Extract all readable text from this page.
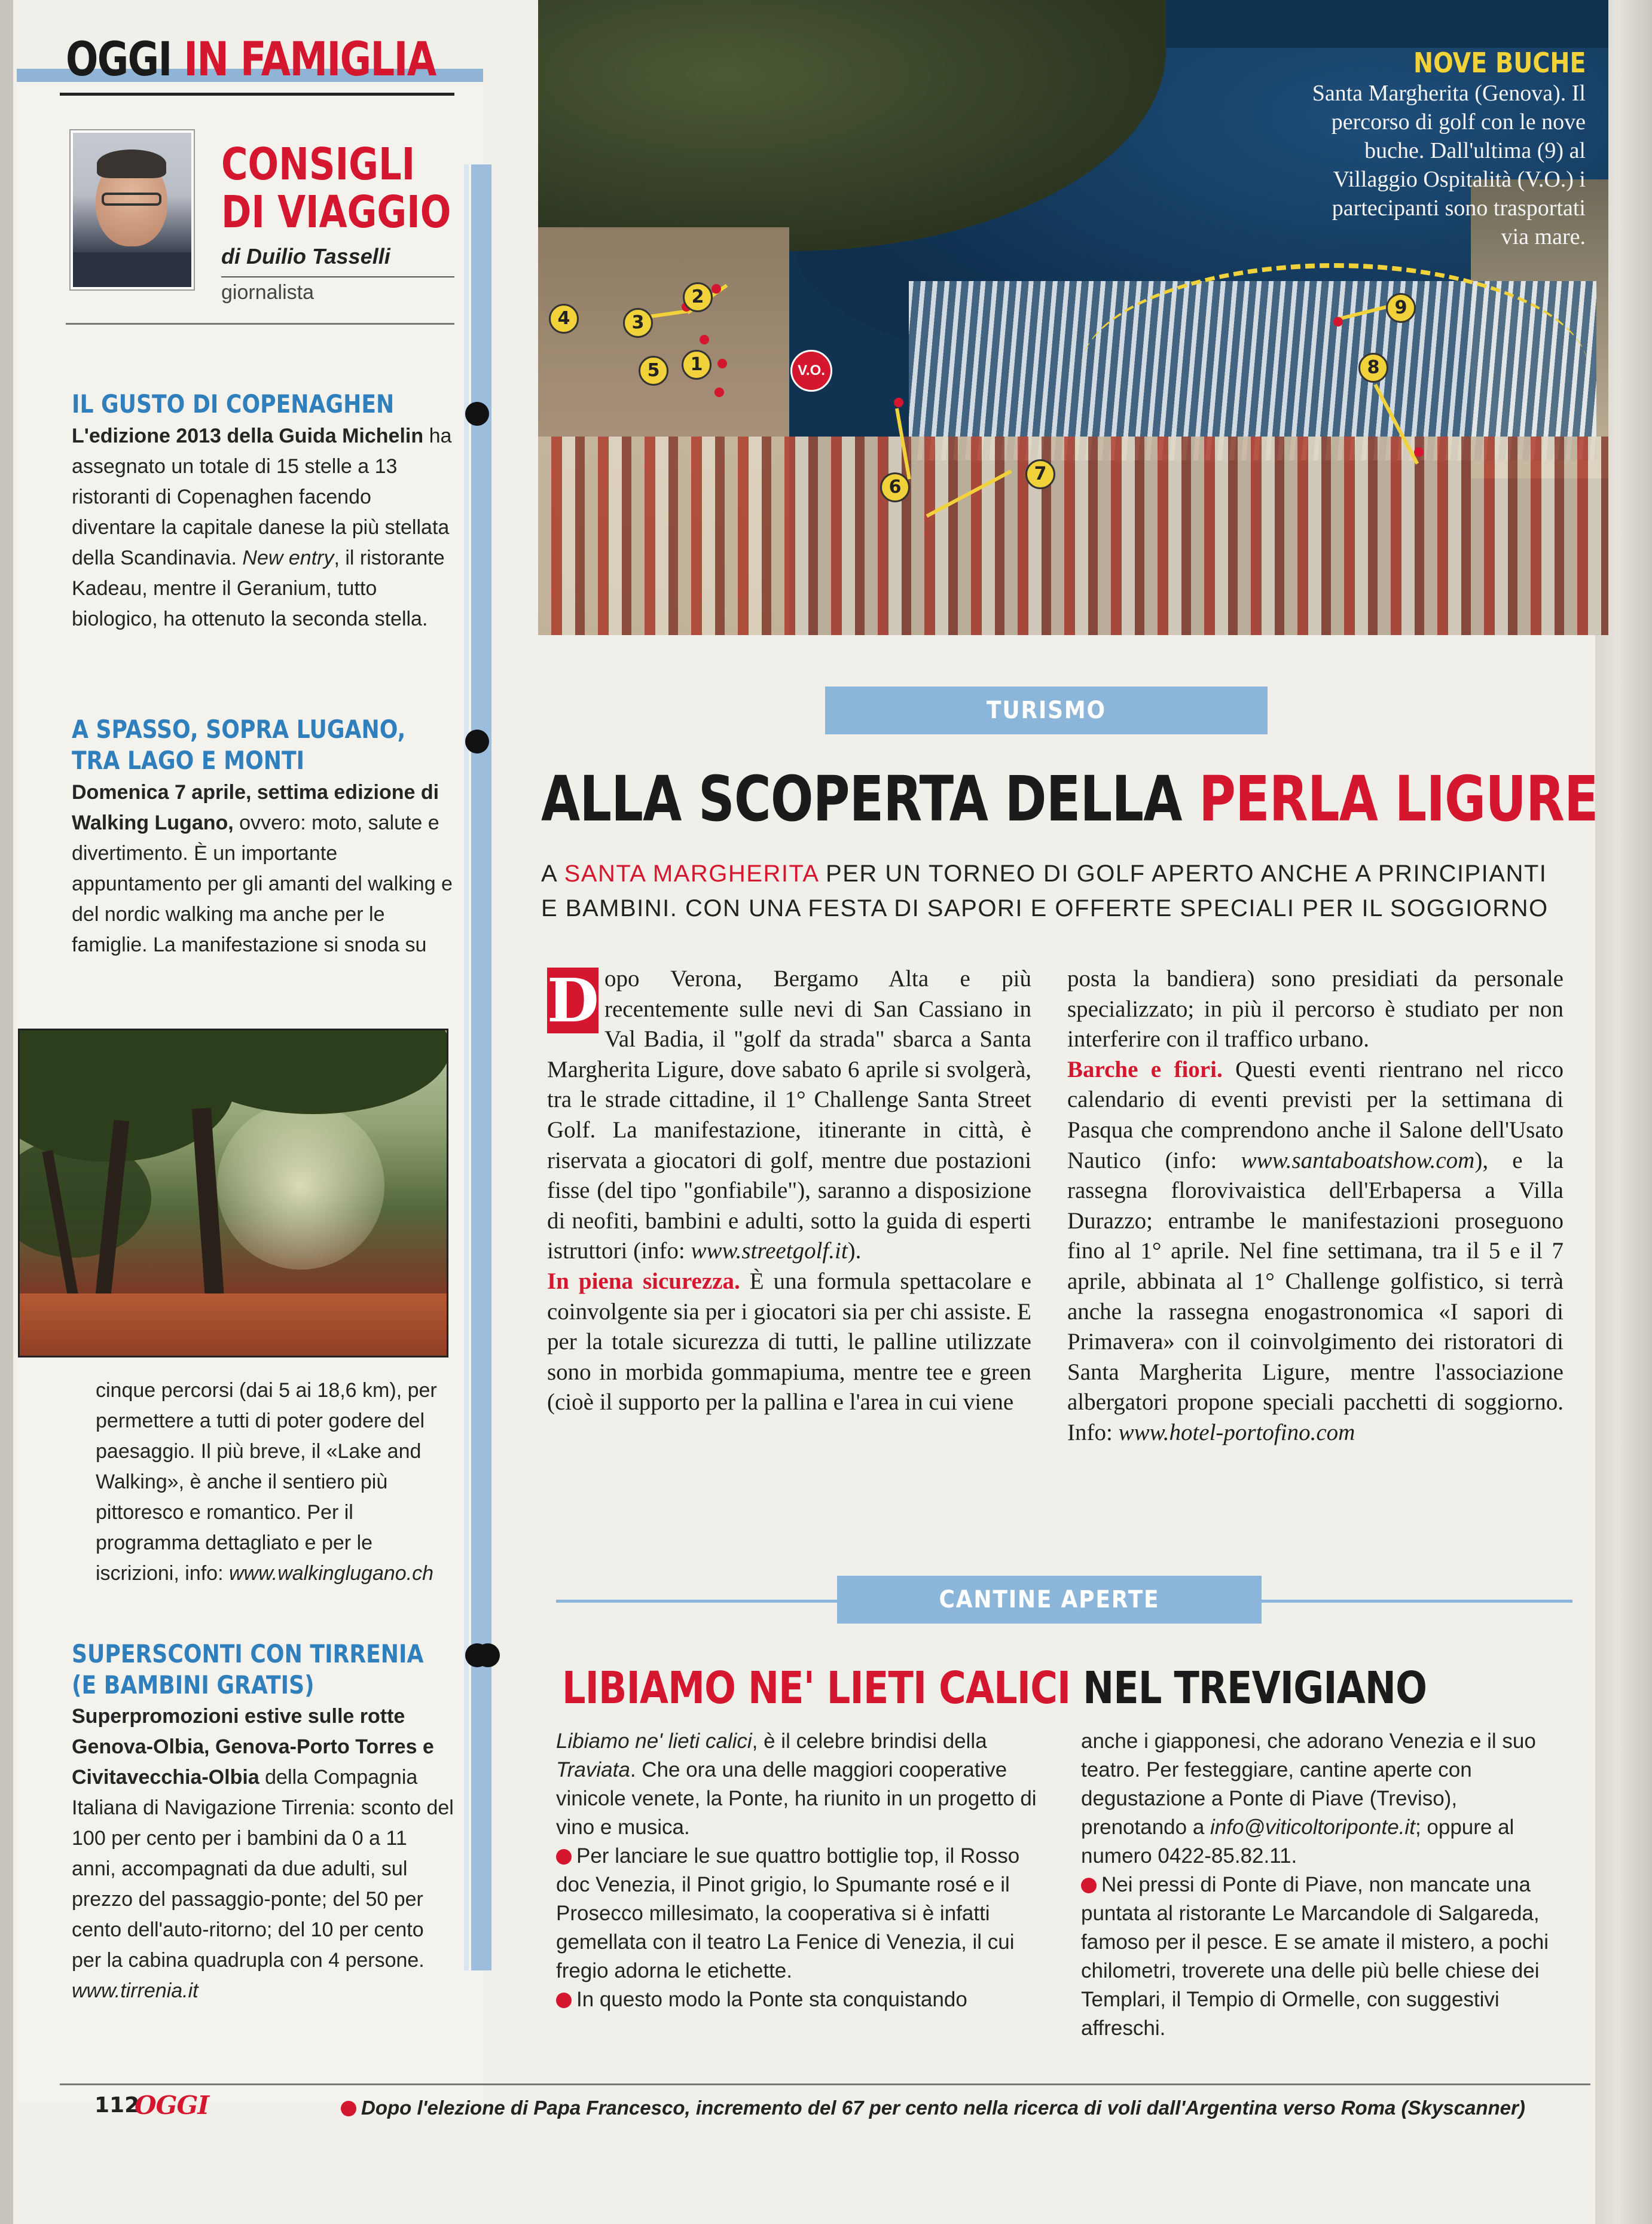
OGGI IN FAMIGLIA
CONSIGLI
DI VIAGGIO
di Duilio Tasselli
giornalista
IL GUSTO DI COPENAGHEN
L'edizione 2013 della Guida Michelin ha assegnato un totale di 15 stelle a 13 ristoranti di Copenaghen facendo diventare la capitale danese la più stellata della Scandinavia. New entry, il ristorante Kadeau, mentre il Geranium, tutto biologico, ha ottenuto la seconda stella.
A SPASSO, SOPRA LUGANO, TRA LAGO E MONTI
Domenica 7 aprile, settima edizione di Walking Lugano, ovvero: moto, salute e divertimento. È un importante appuntamento per gli amanti del walking e del nordic walking ma anche per le famiglie. La manifestazione si snoda su
cinque percorsi (dai 5 ai 18,6 km), per permettere a tutti di poter godere del paesaggio. Il più breve, il «Lake and Walking», è anche il sentiero più pittoresco e romantico. Per il programma dettagliato e per le iscrizioni, info: www.walkinglugano.ch
SUPERSCONTI CON TIRRENIA (E BAMBINI GRATIS)
Superpromozioni estive sulle rotte Genova-Olbia, Genova-Porto Torres e Civitavecchia-Olbia della Compagnia Italiana di Navigazione Tirrenia: sconto del 100 per cento per i bambini da 0 a 11 anni, accompagnati da due adulti, sul prezzo del passaggio-ponte; del 50 per cento dell'auto-ritorno; del 10 per cento per la cabina quadrupla con 4 persone. www.tirrenia.it
1
2
3
4
5
6
7
8
9
V.O.
NOVE BUCHE
Santa Margherita (Genova). Il percorso di golf con le nove buche. Dall'ultima (9) al Villaggio Ospitalità (V.O.) i partecipanti sono trasportati via mare.
TURISMO
ALLA SCOPERTA DELLA PERLA LIGURE
A SANTA MARGHERITA PER UN TORNEO DI GOLF APERTO ANCHE A PRINCIPIANTI E BAMBINI. CON UNA FESTA DI SAPORI E OFFERTE SPECIALI PER IL SOGGIORNO
D opo Verona, Bergamo Alta e più recentemente sulle nevi di San Cassiano in Val Badia, il "golf da strada" sbarca a Santa Margherita Ligure, dove sabato 6 aprile si svolgerà, tra le strade cittadine, il 1° Challenge Santa Street Golf. La manifestazione, itinerante in città, è riservata a giocatori di golf, mentre due postazioni fisse (del tipo "gonfiabile"), saranno a disposizione di neofiti, bambini e adulti, sotto la guida di esperti istruttori (info: www.streetgolf.it).
In piena sicurezza. È una formula spettacolare e coinvolgente sia per i giocatori sia per chi assiste. E per la totale sicurezza di tutti, le palline utilizzate sono in morbida gommapiuma, mentre tee e green (cioè il supporto per la pallina e l'area in cui viene
posta la bandiera) sono presidiati da personale specializzato; in più il percorso è studiato per non interferire con il traffico urbano.
Barche e fiori. Questi eventi rientrano nel ricco calendario di eventi previsti per la settimana di Pasqua che comprendono anche il Salone dell'Usato Nautico (info: www.santaboatshow.com), e la rassegna florovivaistica dell'Erbapersa a Villa Durazzo; entrambe le manifestazioni proseguono fino al 1° aprile. Nel fine settimana, tra il 5 e il 7 aprile, abbinata al 1° Challenge golfistico, si terrà anche la rassegna enogastronomica «I sapori di Primavera» con il coinvolgimento dei ristoratori di Santa Margherita Ligure, mentre l'associazione albergatori propone speciali pacchetti di soggiorno. Info: www.hotel-portofino.com
CANTINE APERTE
LIBIAMO NE' LIETI CALICI NEL TREVIGIANO
Libiamo ne' lieti calici, è il celebre brindisi della Traviata. Che ora una delle maggiori cooperative vinicole venete, la Ponte, ha riunito in un progetto di vino e musica.
Per lanciare le sue quattro bottiglie top, il Rosso doc Venezia, il Pinot grigio, lo Spumante rosé e il Prosecco millesimato, la cooperativa si è infatti gemellata con il teatro La Fenice di Venezia, il cui fregio adorna le etichette.
In questo modo la Ponte sta conquistando
anche i giapponesi, che adorano Venezia e il suo teatro. Per festeggiare, cantine aperte con degustazione a Ponte di Piave (Treviso), prenotando a info@viticoltoriponte.it; oppure al numero 0422-85.82.11.
Nei pressi di Ponte di Piave, non mancate una puntata al ristorante Le Marcandole di Salgareda, famoso per il pesce. E se amate il mistero, a pochi chilometri, troverete una delle più belle chiese dei Templari, il Tempio di Ormelle, con suggestivi affreschi.
112
OGGI	Dopo l'elezione di Papa Francesco, incremento del 67 per cento nella ricerca di voli dall'Argentina verso Roma (Skyscanner)
